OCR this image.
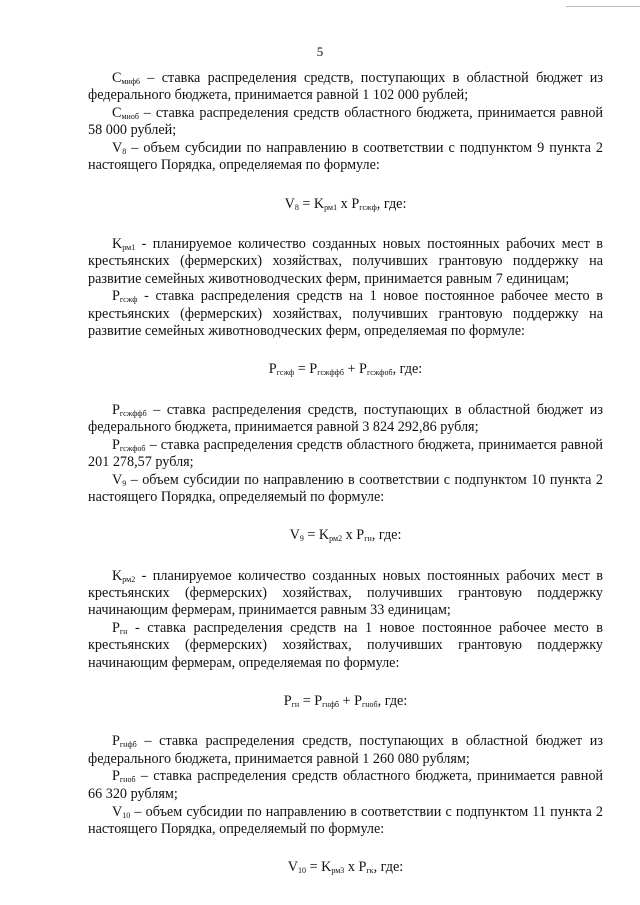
5

$С_{миф6}$ – ставка распределения средств, поступающих в областной бюджет из федерального бюджета, принимается равной 1 102 000 рублей;

$С_{миоб}$ – ставка распределения средств областного бюджета, принимается равной 58 000 рублей;

$V_8$ – объем субсидии по направлению в соответствии с подпунктом 9 пункта 2 настоящего Порядка, определяемая по формуле:

$V_8 = K_{рм1}$ х $P_{гсжф}$, где:

$K_{рм1}$ - планируемое количество созданных новых постоянных рабочих мест в крестьянских (фермерских) хозяйствах, получивших грантовую поддержку на развитие семейных животноводческих ферм, принимается равным 7 единицам;

$P_{гсжф}$ - ставка распределения средств на 1 новое постоянное рабочее место в крестьянских (фермерских) хозяйствах, получивших грантовую поддержку на развитие семейных животноводческих ферм, определяемая по формуле:

$P_{гсжф} = P_{гсжффб} + P_{гсжфоб}$, где:

$P_{гсжффб}$ – ставка распределения средств, поступающих в областной бюджет из федерального бюджета, принимается равной 3 824 292,86 рубля;

$P_{гсжфоб}$ – ставка распределения средств областного бюджета, принимается равной 201 278,57 рубля;

$V_9$ – объем субсидии по направлению в соответствии с подпунктом 10 пункта 2 настоящего Порядка, определяемый по формуле:

$V_9 = K_{рм2}$ х $P_{гн}$, где:

$K_{рм2}$ - планируемое количество созданных новых постоянных рабочих мест в крестьянских (фермерских) хозяйствах, получивших грантовую поддержку начинающим фермерам, принимается равным 33 единицам;

$P_{гн}$ - ставка распределения средств на 1 новое постоянное рабочее место в крестьянских (фермерских) хозяйствах, получивших грантовую поддержку начинающим фермерам, определяемая по формуле:

$P_{гн} = P_{гнфб} + P_{гноб}$, где:

$P_{гнфб}$ – ставка распределения средств, поступающих в областной бюджет из федерального бюджета, принимается равной 1 260 080 рублям;

$P_{гноб}$ – ставка распределения средств областного бюджета, принимается равной 66 320 рублям;

$V_{10}$ – объем субсидии по направлению в соответствии с подпунктом 11 пункта 2 настоящего Порядка, определяемый по формуле:

$V_{10} = K_{рм3}$ х $P_{гк}$, где:
